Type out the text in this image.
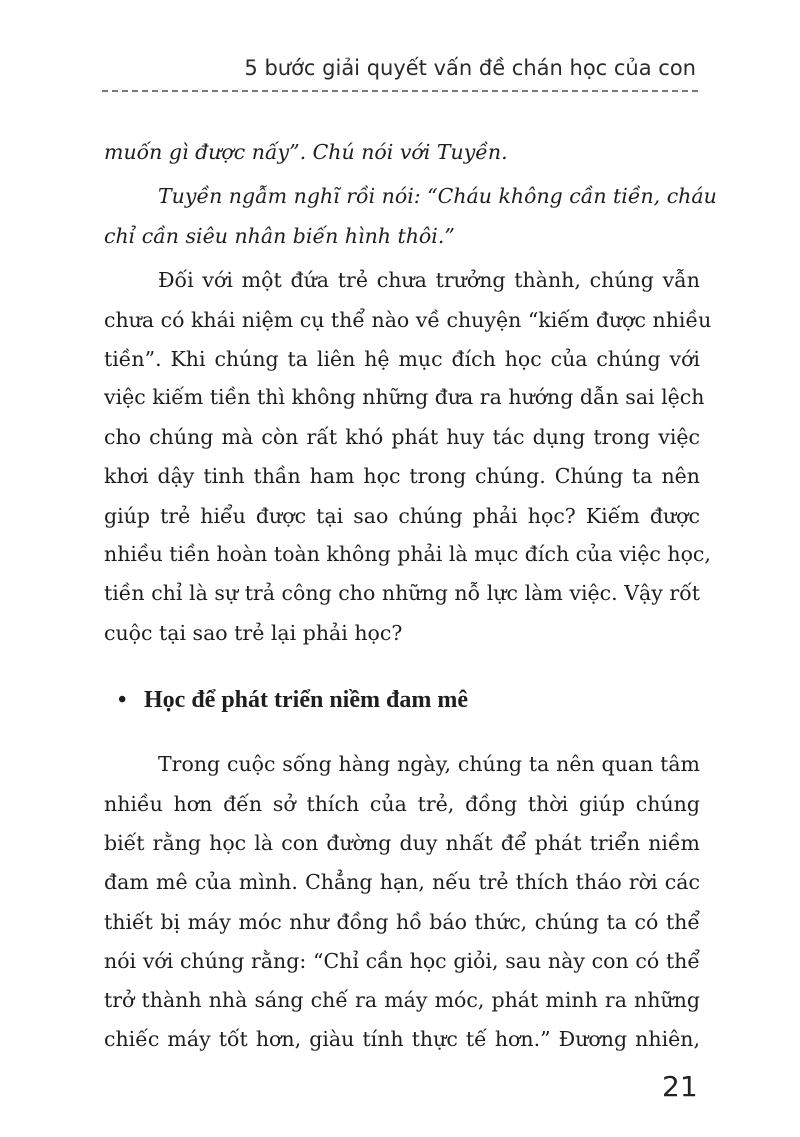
5 bước giải quyết vấn đề chán học của con
muốn gì được nấy”. Chú nói với Tuyền.
Tuyền ngẫm nghĩ rồi nói: “Cháu không cần tiền, cháu
chỉ cần siêu nhân biến hình thôi.”
Đối với một đứa trẻ chưa trưởng thành, chúng vẫn
chưa có khái niệm cụ thể nào về chuyện “kiếm được nhiều
tiền”. Khi chúng ta liên hệ mục đích học của chúng với
việc kiếm tiền thì không những đưa ra hướng dẫn sai lệch
cho chúng mà còn rất khó phát huy tác dụng trong việc
khơi dậy tinh thần ham học trong chúng. Chúng ta nên
giúp trẻ hiểu được tại sao chúng phải học? Kiếm được
nhiều tiền hoàn toàn không phải là mục đích của việc học,
tiền chỉ là sự trả công cho những nỗ lực làm việc. Vậy rốt
cuộc tại sao trẻ lại phải học?
• Học để phát triển niềm đam mê
Trong cuộc sống hàng ngày, chúng ta nên quan tâm
nhiều hơn đến sở thích của trẻ, đồng thời giúp chúng
biết rằng học là con đường duy nhất để phát triển niềm
đam mê của mình. Chẳng hạn, nếu trẻ thích tháo rời các
thiết bị máy móc như đồng hồ báo thức, chúng ta có thể
nói với chúng rằng: “Chỉ cần học giỏi, sau này con có thể
trở thành nhà sáng chế ra máy móc, phát minh ra những
chiếc máy tốt hơn, giàu tính thực tế hơn.” Đương nhiên,
21
